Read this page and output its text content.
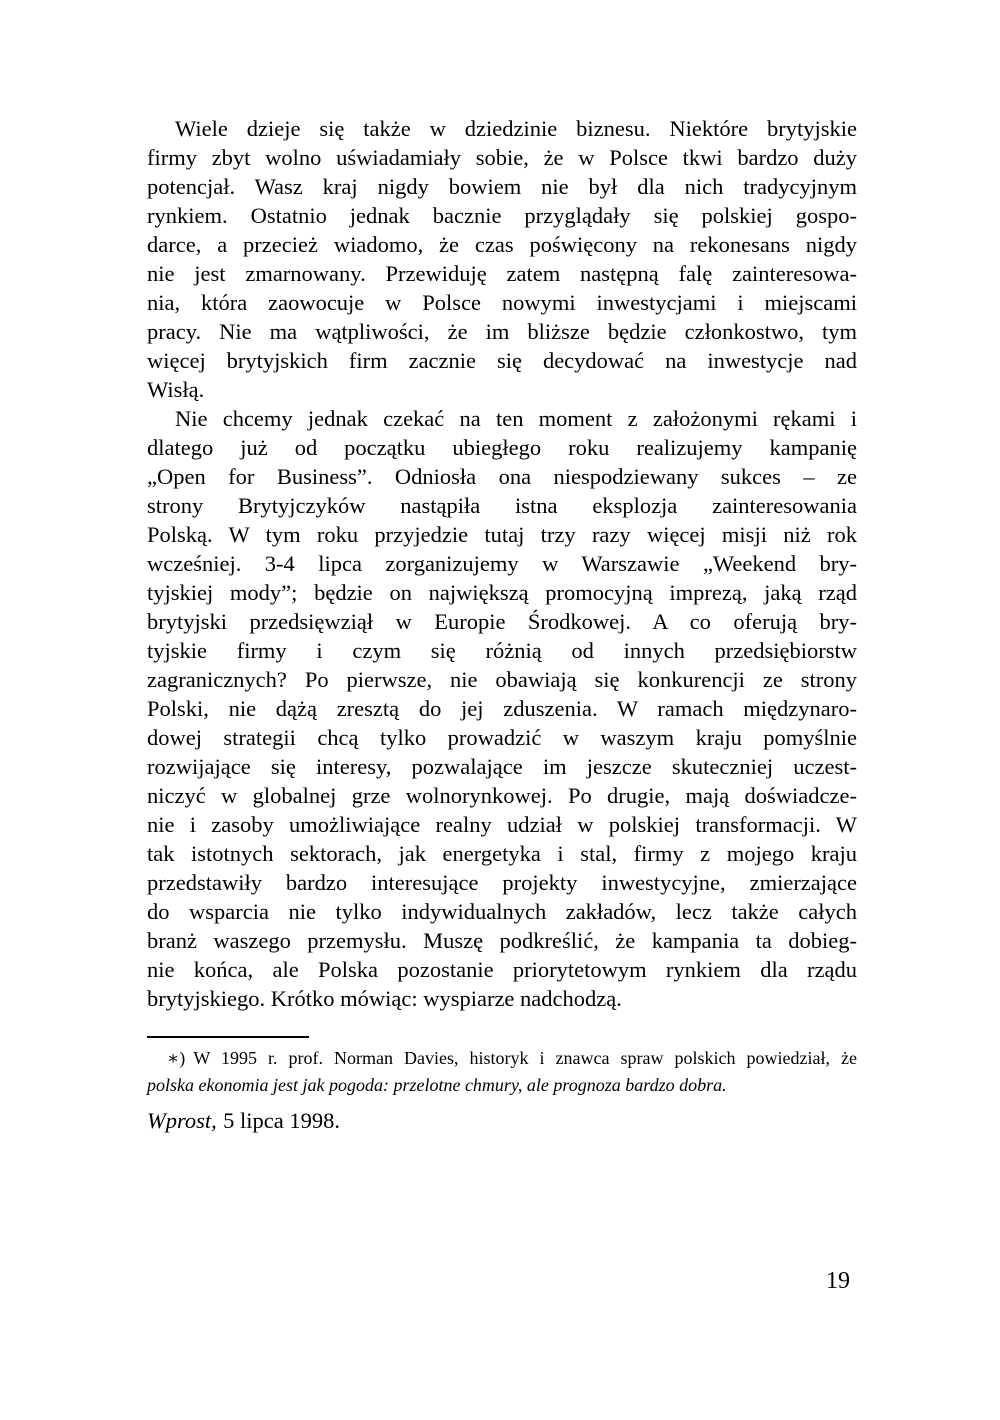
Wiele dzieje się także w dziedzinie biznesu. Niektóre brytyjskie
firmy zbyt wolno uświadamiały sobie, że w Polsce tkwi bardzo duży
potencjał. Wasz kraj nigdy bowiem nie był dla nich tradycyjnym
rynkiem. Ostatnio jednak bacznie przyglądały się polskiej gospo-
darce, a przecież wiadomo, że czas poświęcony na rekonesans nigdy
nie jest zmarnowany. Przewiduję zatem następną falę zainteresowa-
nia, która zaowocuje w Polsce nowymi inwestycjami i miejscami
pracy. Nie ma wątpliwości, że im bliższe będzie członkostwo, tym
więcej brytyjskich firm zacznie się decydować na inwestycje nad
Wisłą.
Nie chcemy jednak czekać na ten moment z założonymi rękami i
dlatego już od początku ubiegłego roku realizujemy kampanię
„Open for Business”. Odniosła ona niespodziewany sukces – ze
strony Brytyjczyków nastąpiła istna eksplozja zainteresowania
Polską. W tym roku przyjedzie tutaj trzy razy więcej misji niż rok
wcześniej. 3-4 lipca zorganizujemy w Warszawie „Weekend bry-
tyjskiej mody”; będzie on największą promocyjną imprezą, jaką rząd
brytyjski przedsięwziął w Europie Środkowej. A co oferują bry-
tyjskie firmy i czym się różnią od innych przedsiębiorstw
zagranicznych? Po pierwsze, nie obawiają się konkurencji ze strony
Polski, nie dążą zresztą do jej zduszenia. W ramach międzynaro-
dowej strategii chcą tylko prowadzić w waszym kraju pomyślnie
rozwijające się interesy, pozwalające im jeszcze skuteczniej uczest-
niczyć w globalnej grze wolnorynkowej. Po drugie, mają doświadcze-
nie i zasoby umożliwiające realny udział w polskiej transformacji. W
tak istotnych sektorach, jak energetyka i stal, firmy z mojego kraju
przedstawiły bardzo interesujące projekty inwestycyjne, zmierzające
do wsparcia nie tylko indywidualnych zakładów, lecz także całych
branż waszego przemysłu. Muszę podkreślić, że kampania ta dobieg-
nie końca, ale Polska pozostanie priorytetowym rynkiem dla rządu
brytyjskiego. Krótko mówiąc: wyspiarze nadchodzą.
∗) W 1995 r. prof. Norman Davies, historyk i znawca spraw polskich powiedział, że
polska ekonomia jest jak pogoda: przelotne chmury, ale prognoza bardzo dobra.
Wprost, 5 lipca 1998.
19
